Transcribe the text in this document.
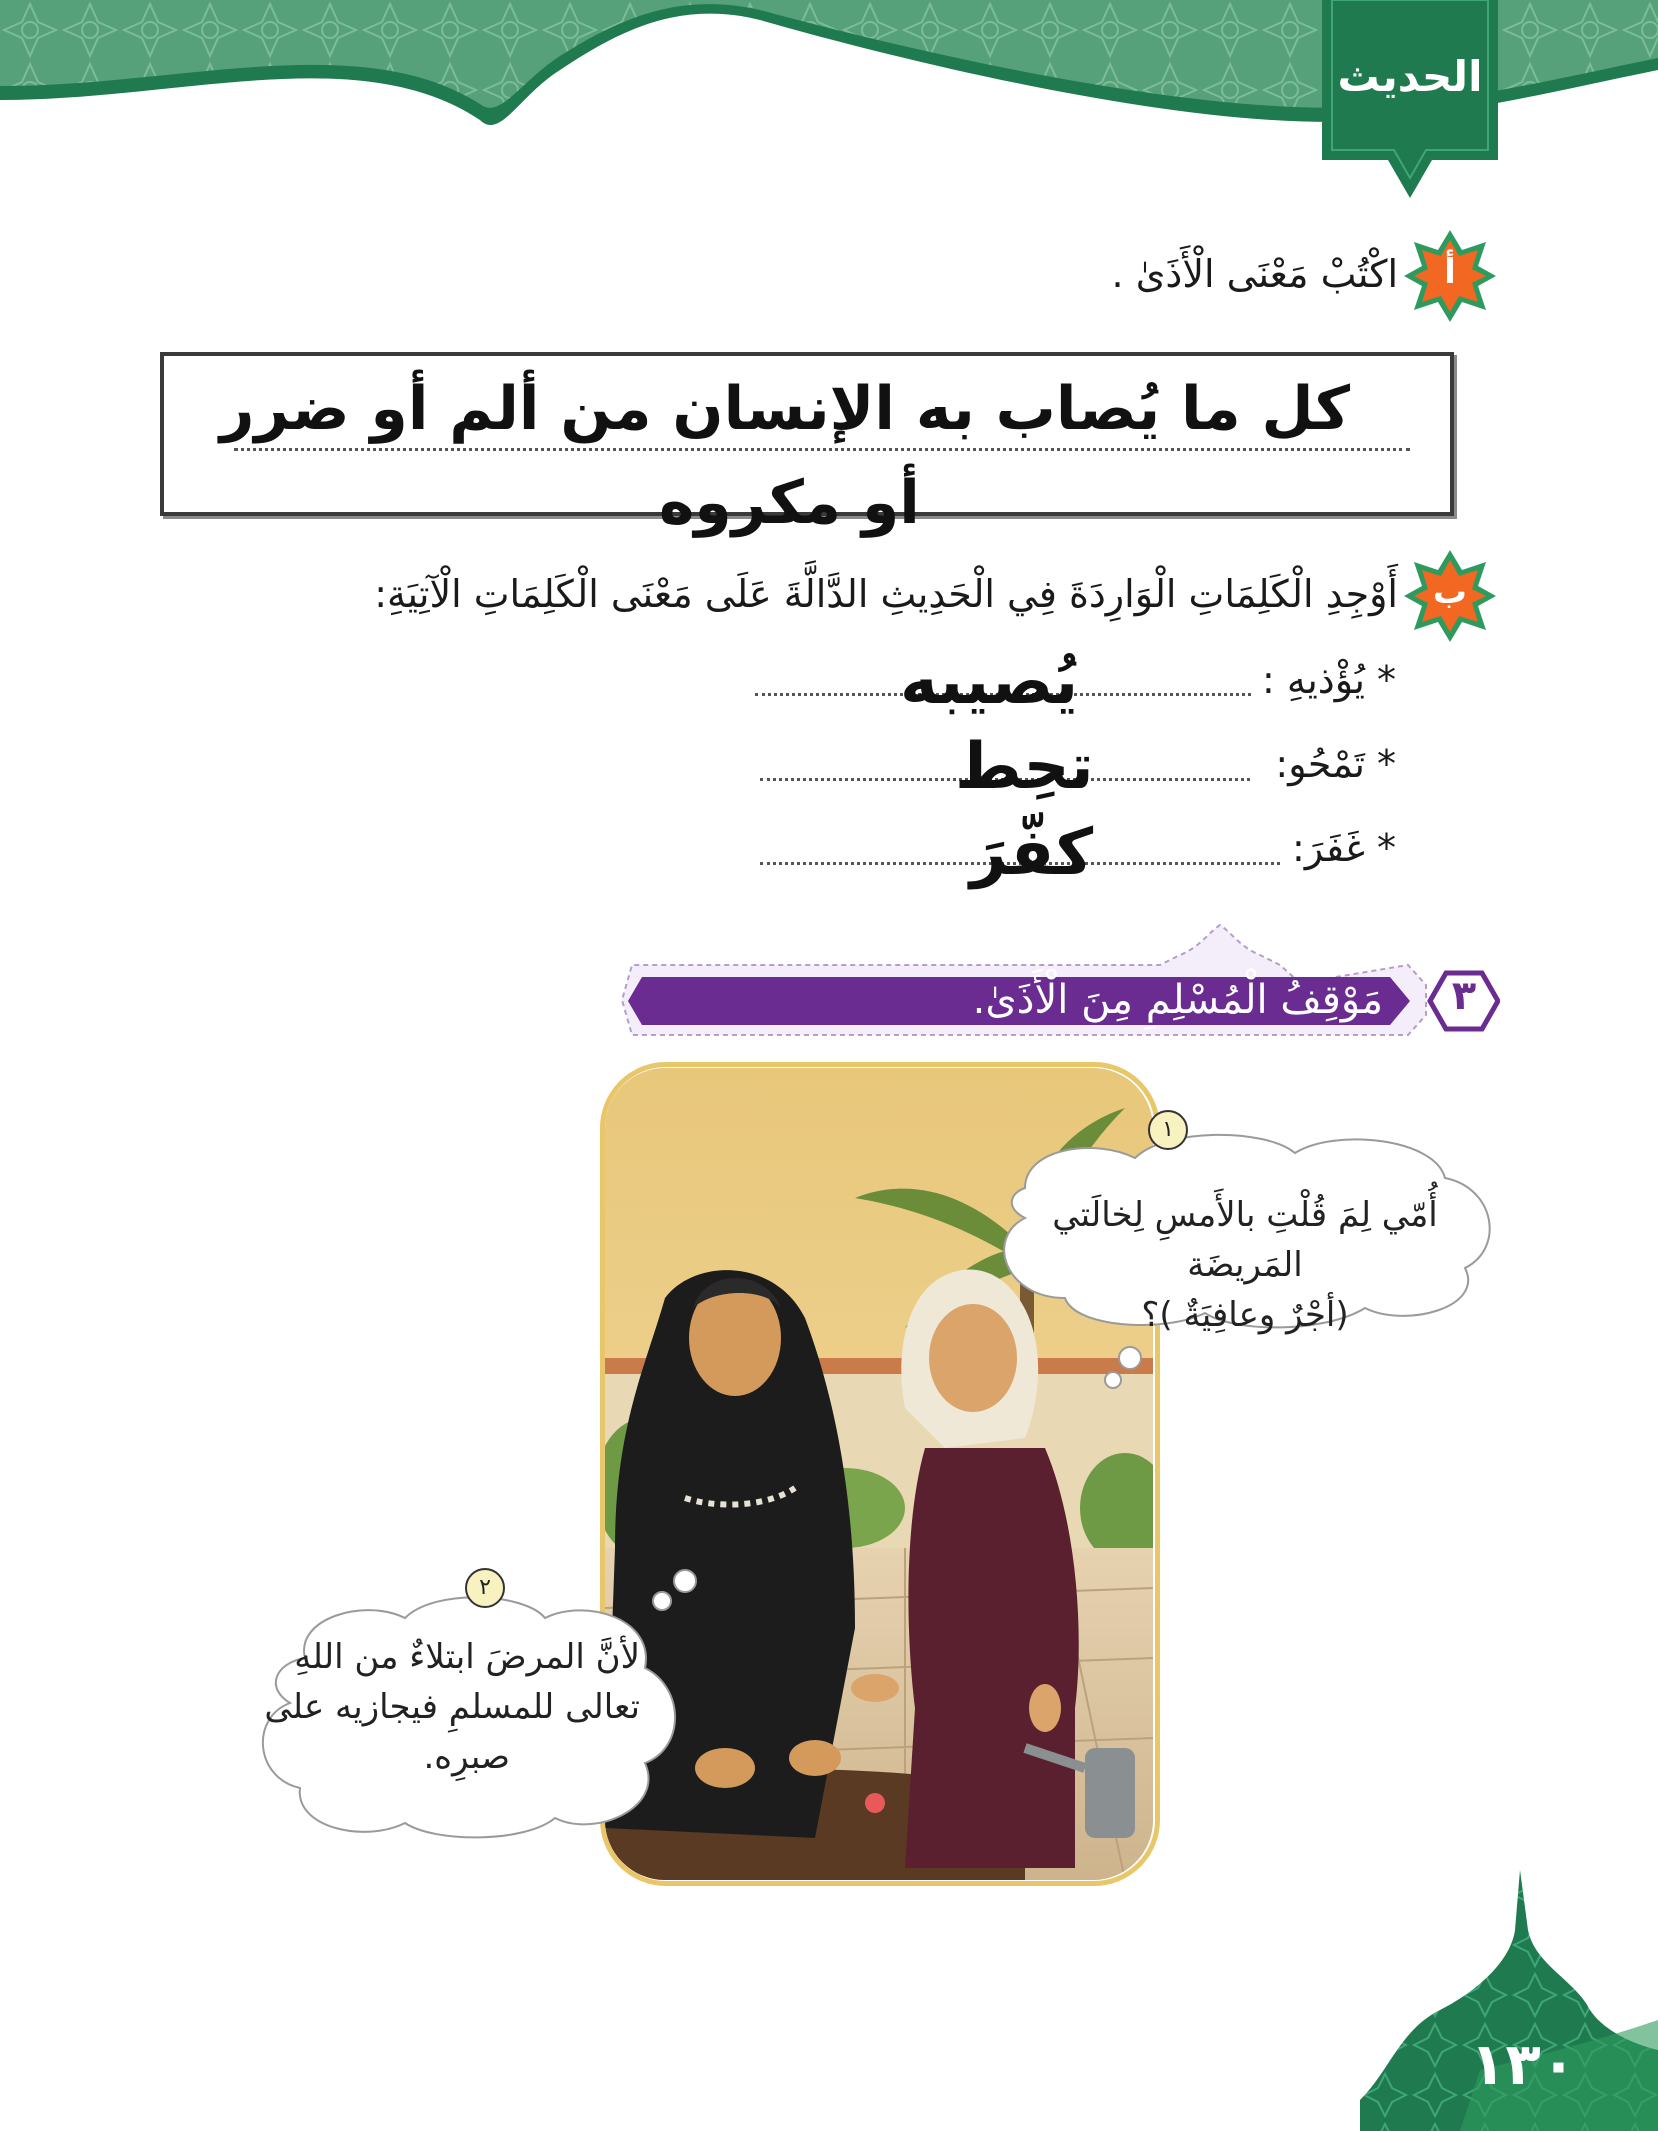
الحديث
أ
اكْتُبْ مَعْنَى الْأَذَىٰ .
كل ما يُصاب به الإنسان من ألم أو ضرر
أو مكروه
ب
أَوْجِدِ الْكَلِمَاتِ الْوَارِدَةَ فِي الْحَدِيثِ الدَّالَّةَ عَلَى مَعْنَى الْكَلِمَاتِ الْآتِيَةِ:
* يُؤْذيهِ :
يُصيبه
* تَمْحُو:
تحِط
* غَفَرَ:
كفّرَ
٣
مَوْقِفُ الْمُسْلِمِ مِنَ الْأَذَىٰ.
١
أُمّي لِمَ قُلْتِ بالأَمسِ لِخالَتي المَريضَة
(أجْرٌ وعافِيَةٌ )؟
٢
لأنَّ المرضَ ابتلاءٌ من اللهِ
تعالى للمسلمِ فيجازيه على
صبرِه.
١٣٠
